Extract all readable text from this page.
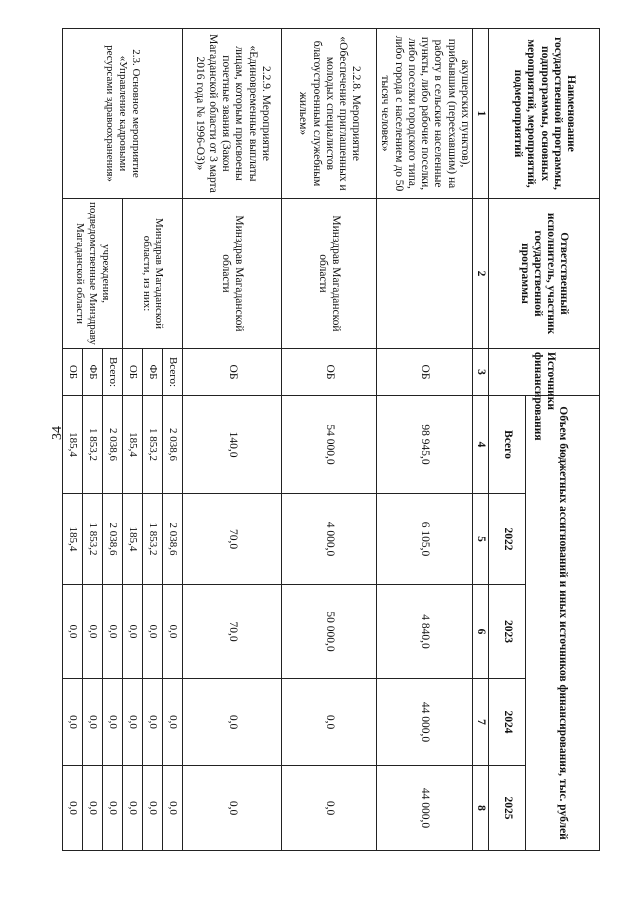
34
Наименование государственной программы, подпрограммы, основных мероприятий, мероприятий, подмероприятий	Ответственный исполнитель, участник государственной программы	Источники финансирования	Объем бюджетных ассигнований и иных источников финансирования, тыс. рублей				
			Всего	2022	2023	2024	2025
1	2	3	4	5	6	7	8
акушерских пунктов), прибывшим (переехавшим) на работу в сельские населенные пункты, либо рабочие поселки, либо поселки городского типа, либо города с населением до 50 тысяч человек»		ОБ	98 945,0	6 105,0	4 840,0	44 000,0	44 000,0
2.2.8. Мероприятие «Обеспечение приглашенных и молодых специалистов благоустроенным служебным жильем»	Минздрав Магаданской области	ОБ	54 000,0	4 000,0	50 000,0	0,0	0,0
2.2.9. Мероприятие «Единовременные выплаты лицам, которым присвоены почетные звания (Закон Магаданской области от 3 марта 2016 года № 1996-ОЗ)»	Минздрав Магаданской области	ОБ	140,0	70,0	70,0	0,0	0,0
2.3. Основное мероприятие «Управление кадровыми ресурсами здравоохранения»	Минздрав Магаданской области, из них:	Всего:	2 038,6	2 038,6	0,0	0,0	0,0
		ФБ	1 853,2	1 853,2	0,0	0,0	0,0
		ОБ	185,4	185,4	0,0	0,0	0,0
	учреждения, подведомственные Минздраву Магаданской области	Всего:	2 038,6	2 038,6	0,0	0,0	0,0
		ФБ	1 853,2	1 853,2	0,0	0,0	0,0
		ОБ	185,4	185,4	0,0	0,0	0,0
